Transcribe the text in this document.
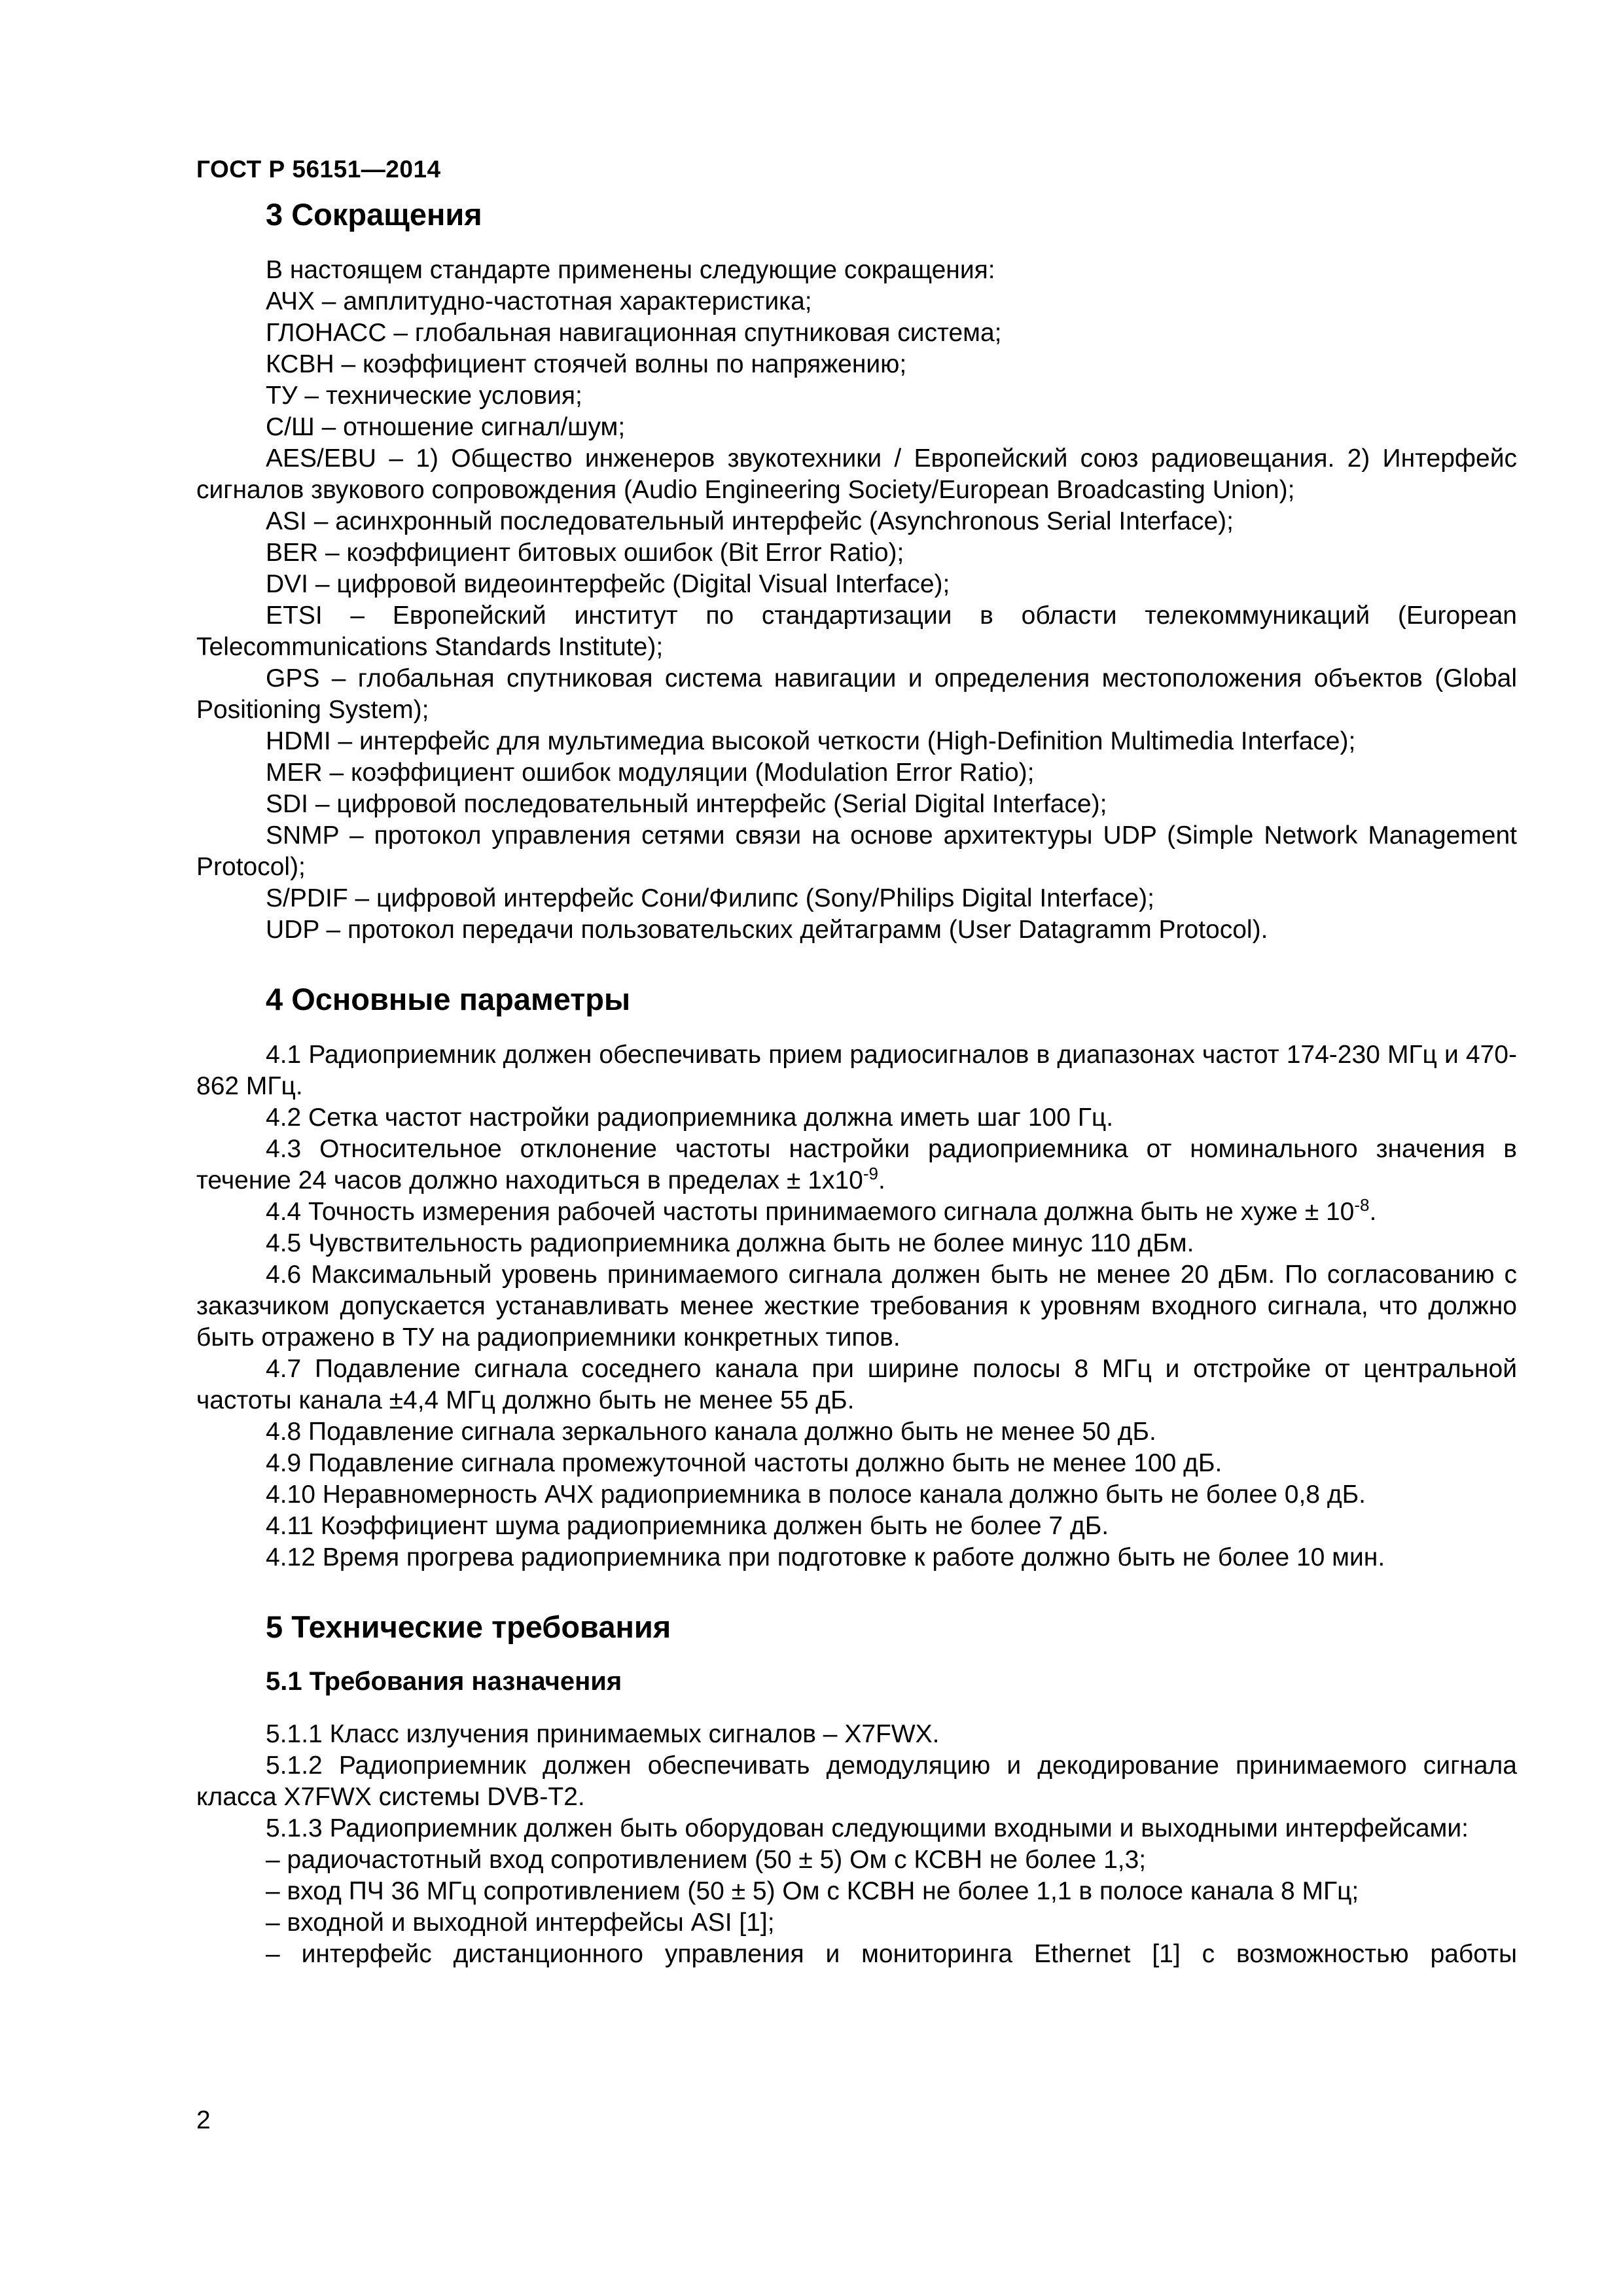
ГОСТ Р 56151—2014
3 Сокращения

В настоящем стандарте применены следующие сокращения:

АЧХ – амплитудно-частотная характеристика;

ГЛОНАСС – глобальная навигационная спутниковая система;

КСВН – коэффициент стоячей волны по напряжению;

ТУ – технические условия;

С/Ш – отношение сигнал/шум;

AES/EBU – 1) Общество инженеров звукотехники / Европейский союз радиовещания. 2) Интерфейс сигналов звукового сопровождения (Audio Engineering Society/European Broadcasting Union);

ASI – асинхронный последовательный интерфейс (Asynchronous Serial Interface);

BER – коэффициент битовых ошибок (Bit Error Ratio);

DVI – цифровой видеоинтерфейс (Digital Visual Interface);

ETSI – Европейский институт по стандартизации в области телекоммуникаций (European Telecommunications Standards Institute);

GPS – глобальная спутниковая система навигации и определения местоположения объектов (Global Positioning System);

HDMI – интерфейс для мультимедиа высокой четкости (High-Definition Multimedia Interface);

MER – коэффициент ошибок модуляции (Modulation Error Ratio);

SDI – цифровой последовательный интерфейс (Serial Digital Interface);

SNMP – протокол управления сетями связи на основе архитектуры UDP (Simple Network Management Protocol);

S/PDIF – цифровой интерфейс Сони/Филипс (Sony/Philips Digital Interface);

UDP – протокол передачи пользовательских дейтаграмм (User Datagramm Protocol).

4 Основные параметры

4.1 Радиоприемник должен обеспечивать прием радиосигналов в диапазонах частот 174-230 МГц и 470-862 МГц.

4.2 Сетка частот настройки радиоприемника должна иметь шаг 100 Гц.

4.3 Относительное отклонение частоты настройки радиоприемника от номинального значения в течение 24 часов должно находиться в пределах ± $1х10^{-9}$.

4.4 Точность измерения рабочей частоты принимаемого сигнала должна быть не хуже ± $10^{-8}$.

4.5 Чувствительность радиоприемника должна быть не более минус 110 дБм.

4.6 Максимальный уровень принимаемого сигнала должен быть не менее 20 дБм. По согласованию с заказчиком допускается устанавливать менее жесткие требования к уровням входного сигнала, что должно быть отражено в ТУ на радиоприемники конкретных типов.

4.7 Подавление сигнала соседнего канала при ширине полосы 8 МГц и отстройке от центральной частоты канала ±4,4 МГц должно быть не менее 55 дБ.

4.8 Подавление сигнала зеркального канала должно быть не менее 50 дБ.

4.9 Подавление сигнала промежуточной частоты должно быть не менее 100 дБ.

4.10 Неравномерность АЧХ радиоприемника в полосе канала должно быть не более 0,8 дБ.

4.11 Коэффициент шума радиоприемника должен быть не более 7 дБ.

4.12 Время прогрева радиоприемника при подготовке к работе должно быть не более 10 мин.

5 Технические требования
5.1 Требования назначения

5.1.1 Класс излучения принимаемых сигналов – X7FWX.

5.1.2 Радиоприемник должен обеспечивать демодуляцию и декодирование принимаемого сигнала класса X7FWX системы DVB-T2.

5.1.3 Радиоприемник должен быть оборудован следующими входными и выходными интерфейсами:

– радиочастотный вход сопротивлением (50 ± 5) Ом с КСВН не более 1,3;

– вход ПЧ 36 МГц сопротивлением (50 ± 5) Ом с КСВН не более 1,1 в полосе канала 8 МГц;

– входной и выходной интерфейсы ASI [1];

– интерфейс дистанционного управления и мониторинга Ethernet [1] с возможностью работы

2
